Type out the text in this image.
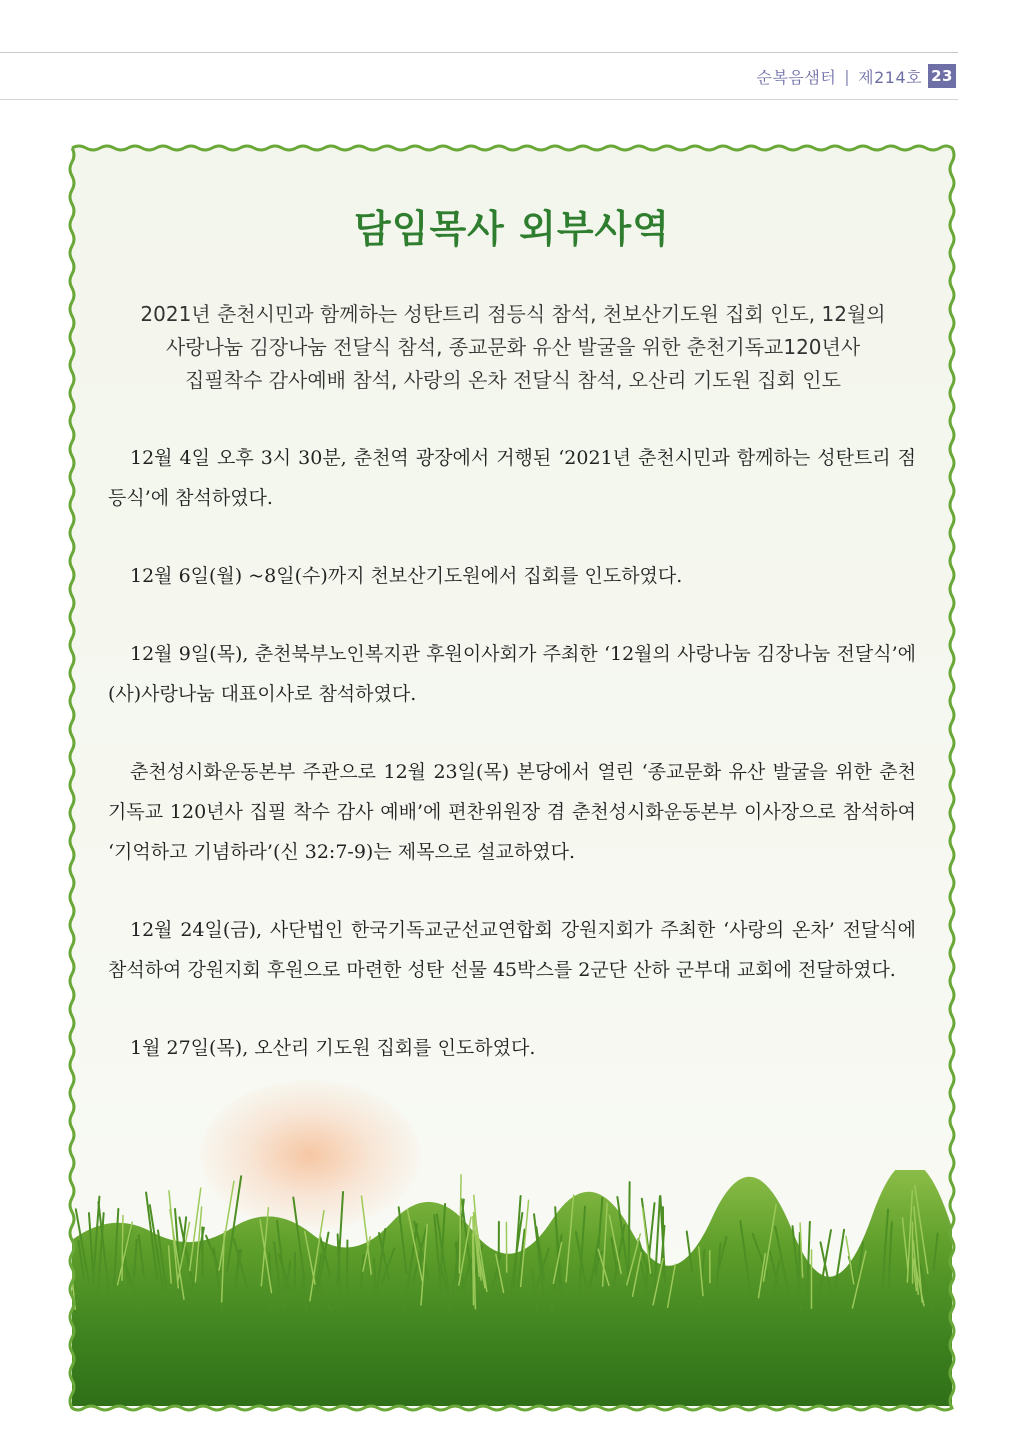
순복음샘터 | 제214호 23
담임목사 외부사역
2021년 춘천시민과 함께하는 성탄트리 점등식 참석, 천보산기도원 집회 인도, 12월의
사랑나눔 김장나눔 전달식 참석, 종교문화 유산 발굴을 위한 춘천기독교120년사
집필착수 감사예배 참석, 사랑의 온차 전달식 참석, 오산리 기도원 집회 인도

12월 4일 오후 3시 30분, 춘천역 광장에서 거행된 ‘2021년 춘천시민과 함께하는 성탄트리 점등식’에 참석하였다.

12월 6일(월) ~8일(수)까지 천보산기도원에서 집회를 인도하였다.

12월 9일(목), 춘천북부노인복지관 후원이사회가 주최한 ‘12월의 사랑나눔 김장나눔 전달식’에 (사)사랑나눔 대표이사로 참석하였다.

춘천성시화운동본부 주관으로 12월 23일(목) 본당에서 열린 ‘종교문화 유산 발굴을 위한 춘천기독교 120년사 집필 착수 감사 예배’에 편찬위원장 겸 춘천성시화운동본부 이사장으로 참석하여 ‘기억하고 기념하라’(신 32:7-9)는 제목으로 설교하였다.

12월 24일(금), 사단법인 한국기독교군선교연합회 강원지회가 주최한 ‘사랑의 온차’ 전달식에 참석하여 강원지회 후원으로 마련한 성탄 선물 45박스를 2군단 산하 군부대 교회에 전달하였다.

1월 27일(목), 오산리 기도원 집회를 인도하였다.
